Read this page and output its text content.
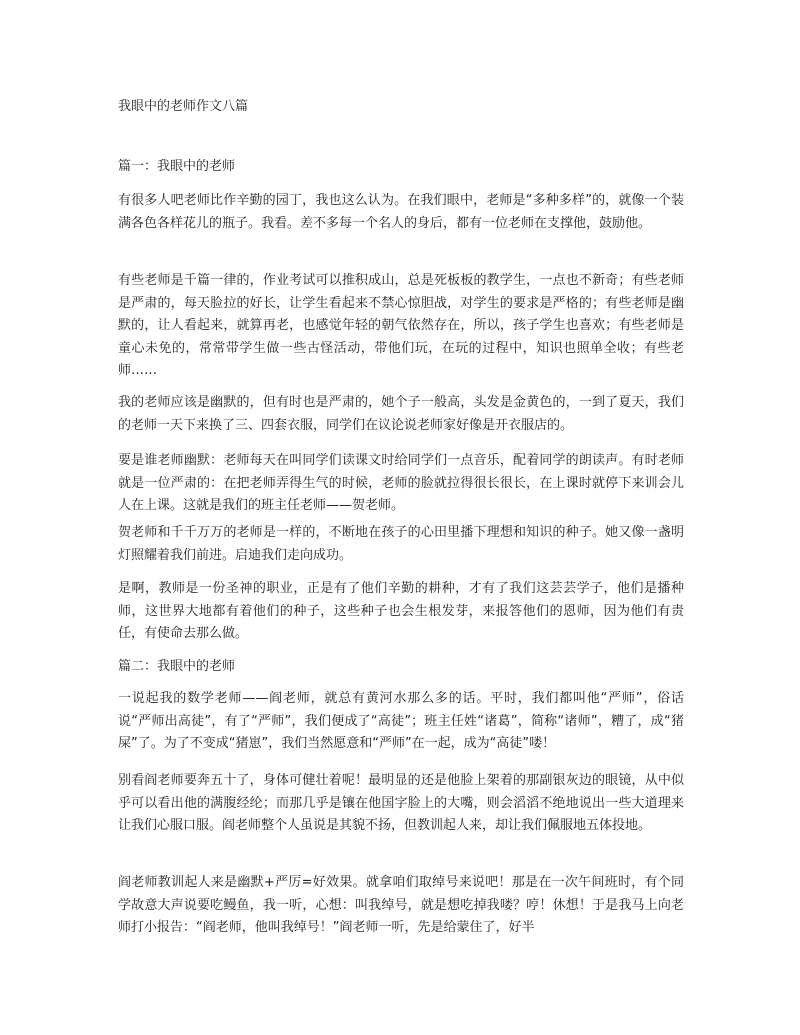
我眼中的老师作文八篇
篇一：我眼中的老师

有很多人吧老师比作辛勤的园丁，我也这么认为。在我们眼中，老师是“多种多样”的，就像一个装满各色各样花儿的瓶子。我看。差不多每一个名人的身后，都有一位老师在支撑他，鼓励他。

有些老师是千篇一律的，作业考试可以推积成山，总是死板板的教学生，一点也不新奇；有些老师是严肃的，每天脸拉的好长，让学生看起来不禁心惊胆战，对学生的要求是严格的；有些老师是幽默的，让人看起来，就算再老，也感觉年轻的朝气依然存在，所以，孩子学生也喜欢；有些老师是童心未免的，常常带学生做一些古怪活动，带他们玩，在玩的过程中，知识也照单全收；有些老师……

我的老师应该是幽默的，但有时也是严肃的，她个子一般高，头发是金黄色的，一到了夏天，我们的老师一天下来换了三、四套衣服，同学们在议论说老师家好像是开衣服店的。

要是谁老师幽默：老师每天在叫同学们读课文时给同学们一点音乐，配着同学的朗读声。有时老师就是一位严肃的：在把老师弄得生气的时候，老师的脸就拉得很长很长，在上课时就停下来训会儿人在上课。这就是我们的班主任老师——贺老师。

贺老师和千千万万的老师是一样的，不断地在孩子的心田里播下理想和知识的种子。她又像一盏明灯照耀着我们前进。启迪我们走向成功。

是啊，教师是一份圣神的职业，正是有了他们辛勤的耕种，才有了我们这芸芸学子，他们是播种师，这世界大地都有着他们的种子，这些种子也会生根发芽，来报答他们的恩师，因为他们有责任，有使命去那么做。

篇二：我眼中的老师

一说起我的数学老师——阎老师，就总有黄河水那么多的话。平时，我们都叫他“严师”，俗话说“严师出高徒”，有了“严师”，我们便成了“高徒”；班主任姓“诸葛”，简称“诸师”，糟了，成“猪屎”了。为了不变成“猪崽”，我们当然愿意和“严师”在一起，成为“高徒”喽！

别看阎老师要奔五十了，身体可健壮着呢！最明显的还是他脸上架着的那副银灰边的眼镜，从中似乎可以看出他的满腹经纶；而那几乎是镶在他国字脸上的大嘴，则会滔滔不绝地说出一些大道理来让我们心服口服。阎老师整个人虽说是其貌不扬，但教训起人来，却让我们佩服地五体投地。

阎老师教训起人来是幽默+严厉=好效果。就拿咱们取绰号来说吧！那是在一次午间班时，有个同学故意大声说要吃鳗鱼，我一听，心想：叫我绰号，就是想吃掉我喽？哼！休想！于是我马上向老师打小报告：“阎老师，他叫我绰号！”阎老师一听，先是给蒙住了，好半
